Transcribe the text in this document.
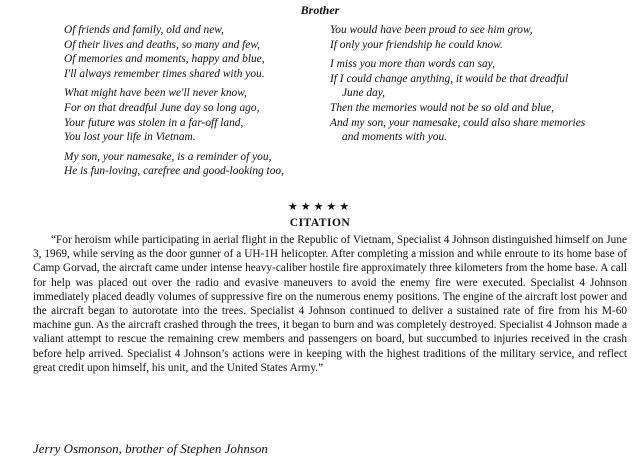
Brother
Of friends and family, old and new,
Of their lives and deaths, so many and few,
Of memories and moments, happy and blue,
I'll always remember times shared with you.
What might have been we'll never know,
For on that dreadful June day so long ago,
Your future was stolen in a far-off land,
You lost your life in Vietnam.
My son, your namesake, is a reminder of you,
He is fun-loving, carefree and good-looking too,
You would have been proud to see him grow,
If only your friendship he could know.
I miss you more than words can say,
If I could change anything, it would be that dreadful
June day,
Then the memories would not be so old and blue,
And my son, your namesake, could also share memories
and moments with you.
★★★★★
CITATION

“For heroism while participating in aerial flight in the Republic of Vietnam, Specialist 4 Johnson distinguished himself on June 3, 1969, while serving as the door gunner of a UH-1H helicopter. After completing a mission and while enroute to its home base of Camp Gorvad, the aircraft came under intense heavy-caliber hostile fire approximately three kilometers from the home base. A call for help was placed out over the radio and evasive maneuvers to avoid the enemy fire were executed. Specialist 4 Johnson immediately placed deadly volumes of suppressive fire on the numerous enemy positions. The engine of the aircraft lost power and the aircraft began to autorotate into the trees. Specialist 4 Johnson continued to deliver a sustained rate of fire from his M-60 machine gun. As the aircraft crashed through the trees, it began to burn and was completely destroyed. Specialist 4 Johnson made a valiant attempt to rescue the remaining crew members and passengers on board, but succumbed to injuries received in the crash before help arrived. Specialist 4 Johnson’s actions were in keeping with the highest traditions of the military service, and reflect great credit upon himself, his unit, and the United States Army.”

Jerry Osmonson, brother of Stephen Johnson
